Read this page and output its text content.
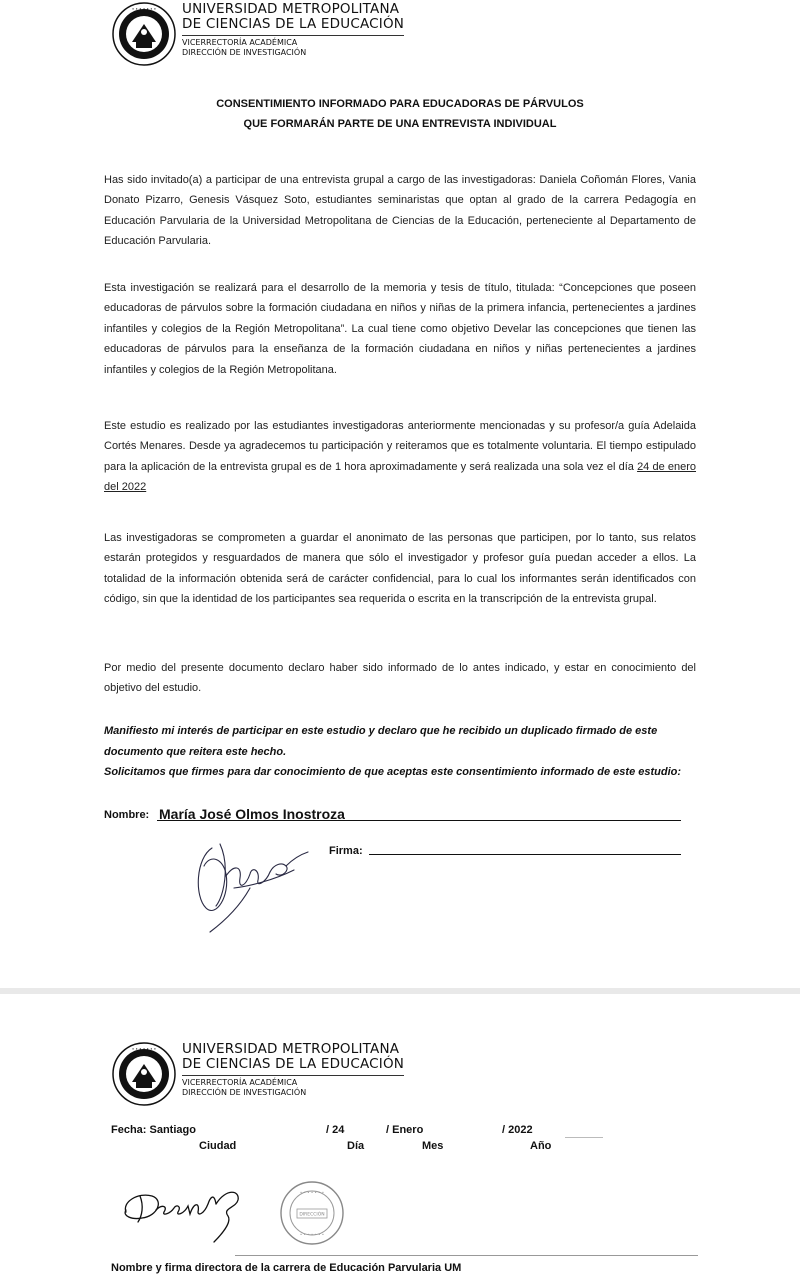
• • • • • • • UNIVERSIDAD METROPOLITANA
DE CIENCIAS DE LA EDUCACIÓN
VICERRECTORÍA ACADÉMICA
DIRECCIÓN DE INVESTIGACIÓN
CONSENTIMIENTO INFORMADO PARA EDUCADORAS DE PÁRVULOS
QUE FORMARÁN PARTE DE UNA ENTREVISTA INDIVIDUAL
Has sido invitado(a) a participar de una entrevista grupal a cargo de las investigadoras: Daniela Coñomán Flores, Vania Donato Pizarro, Genesis Vásquez Soto, estudiantes seminaristas que optan al grado de la carrera Pedagogía en Educación Parvularia de la Universidad Metropolitana de Ciencias de la Educación, perteneciente al Departamento de Educación Parvularia.
Esta investigación se realizará para el desarrollo de la memoria y tesis de título, titulada: “Concepciones que poseen educadoras de párvulos sobre la formación ciudadana en niños y niñas de la primera infancia, pertenecientes a jardines infantiles y colegios de la Región Metropolitana”. La cual tiene como objetivo Develar las concepciones que tienen las educadoras de párvulos para la enseñanza de la formación ciudadana en niños y niñas pertenecientes a jardines infantiles y colegios de la Región Metropolitana.
Este estudio es realizado por las estudiantes investigadoras anteriormente mencionadas y su profesor/a guía Adelaida Cortés Menares. Desde ya agradecemos tu participación y reiteramos que es totalmente voluntaria. El tiempo estipulado para la aplicación de la entrevista grupal es de 1 hora aproximadamente y será realizada una sola vez el día 24 de enero del 2022
Las investigadoras se comprometen a guardar el anonimato de las personas que participen, por lo tanto, sus relatos estarán protegidos y resguardados de manera que sólo el investigador y profesor guía puedan acceder a ellos. La totalidad de la información obtenida será de carácter confidencial, para lo cual los informantes serán identificados con código, sin que la identidad de los participantes sea requerida o escrita en la transcripción de la entrevista grupal.
Por medio del presente documento declaro haber sido informado de lo antes indicado, y estar en conocimiento del objetivo del estudio.
Manifiesto mi interés de participar en este estudio y declaro que he recibido un duplicado firmado de este documento que reitera este hecho.
Solicitamos que firmes para dar conocimiento de que aceptas este consentimiento informado de este estudio:
Nombre: María José Olmos Inostroza
Firma:
• • • • • • • UNIVERSIDAD METROPOLITANA
DE CIENCIAS DE LA EDUCACIÓN
VICERRECTORÍA ACADÉMICA
DIRECCIÓN DE INVESTIGACIÓN
Fecha: Santiago	/ 24	/ Enero	/ 2022
Ciudad	Día	Mes	Año
DIRECCIÓN
• • • • • • •
• • • • • • •
Nombre y firma directora de la carrera de Educación Parvularia UM
